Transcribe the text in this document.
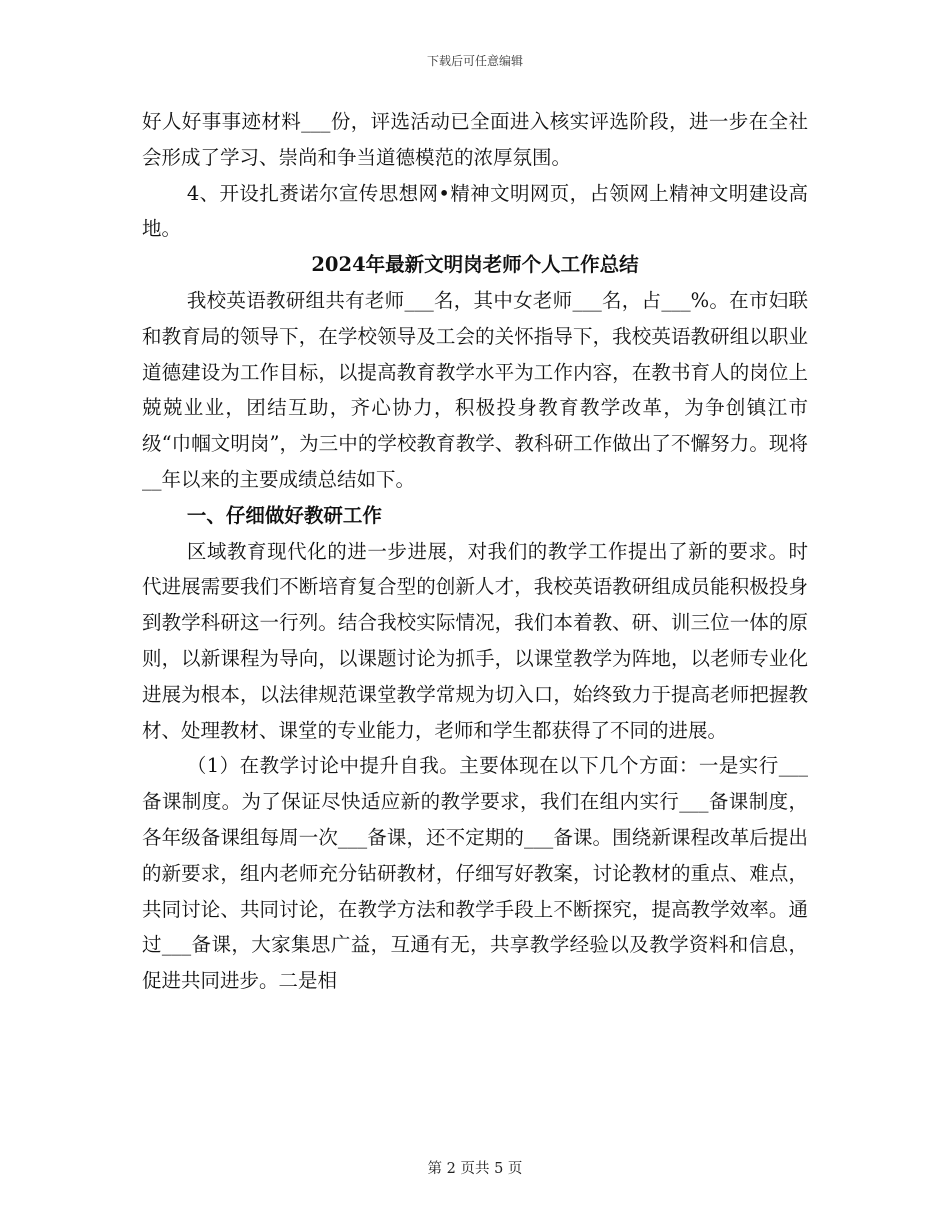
下载后可任意编辑

好人好事事迹材料___份，评选活动已全面进入核实评选阶段，进一步在全社会形成了学习、崇尚和争当道德模范的浓厚氛围。

4、开设扎赉诺尔宣传思想网•精神文明网页，占领网上精神文明建设高地。

2024年最新文明岗老师个人工作总结

我校英语教研组共有老师___名，其中女老师___名，占___%。在市妇联和教育局的领导下，在学校领导及工会的关怀指导下，我校英语教研组以职业道德建设为工作目标，以提高教育教学水平为工作内容，在教书育人的岗位上兢兢业业，团结互助，齐心协力，积极投身教育教学改革，为争创镇江市级“巾帼文明岗”，为三中的学校教育教学、教科研工作做出了不懈努力。现将__年以来的主要成绩总结如下。

一、仔细做好教研工作

区域教育现代化的进一步进展，对我们的教学工作提出了新的要求。时代进展需要我们不断培育复合型的创新人才，我校英语教研组成员能积极投身到教学科研这一行列。结合我校实际情况，我们本着教、研、训三位一体的原则，以新课程为导向，以课题讨论为抓手，以课堂教学为阵地，以老师专业化进展为根本，以法律规范课堂教学常规为切入口，始终致力于提高老师把握教材、处理教材、课堂的专业能力，老师和学生都获得了不同的进展。

（1）在教学讨论中提升自我。主要体现在以下几个方面：一是实行___备课制度。为了保证尽快适应新的教学要求，我们在组内实行___备课制度，各年级备课组每周一次___备课，还不定期的___备课。围绕新课程改革后提出的新要求，组内老师充分钻研教材，仔细写好教案，讨论教材的重点、难点，共同讨论、共同讨论，在教学方法和教学手段上不断探究，提高教学效率。通过___备课，大家集思广益，互通有无，共享教学经验以及教学资料和信息，促进共同进步。二是相

第 2 页共 5 页
